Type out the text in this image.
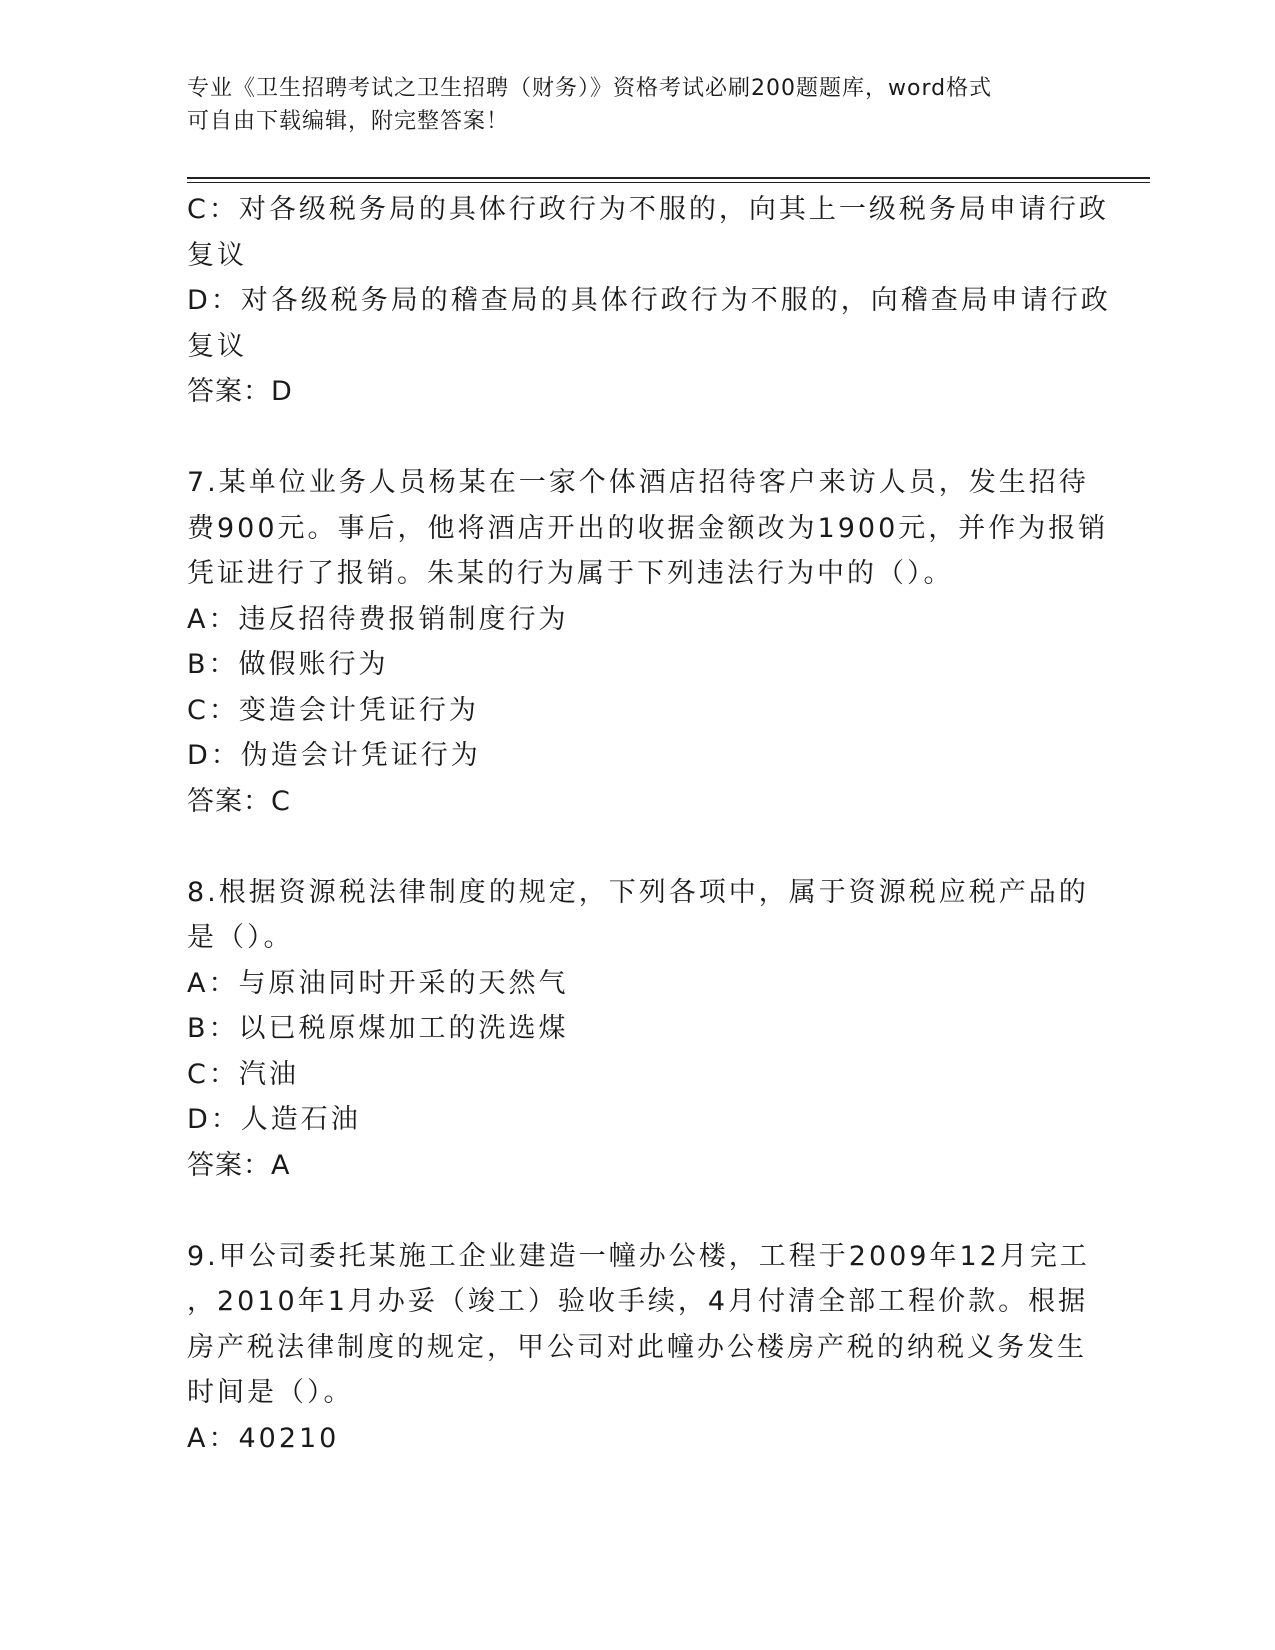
专业《卫生招聘考试之卫生招聘（财务）》资格考试必刷200题题库，word格式
可自由下载编辑，附完整答案！
C：对各级税务局的具体行政行为不服的，向其上一级税务局申请行政
复议
D：对各级税务局的稽查局的具体行政行为不服的，向稽查局申请行政
复议
答案：D
7.某单位业务人员杨某在一家个体酒店招待客户来访人员，发生招待
费900元。事后，他将酒店开出的收据金额改为1900元，并作为报销
凭证进行了报销。朱某的行为属于下列违法行为中的（）。
A：违反招待费报销制度行为
B：做假账行为
C：变造会计凭证行为
D：伪造会计凭证行为
答案：C
8.根据资源税法律制度的规定，下列各项中，属于资源税应税产品的
是（）。
A：与原油同时开采的天然气
B：以已税原煤加工的洗选煤
C：汽油
D：人造石油
答案：A
9.甲公司委托某施工企业建造一幢办公楼，工程于2009年12月完工
，2010年1月办妥（竣工）验收手续，4月付清全部工程价款。根据
房产税法律制度的规定，甲公司对此幢办公楼房产税的纳税义务发生
时间是（）。
A：40210
